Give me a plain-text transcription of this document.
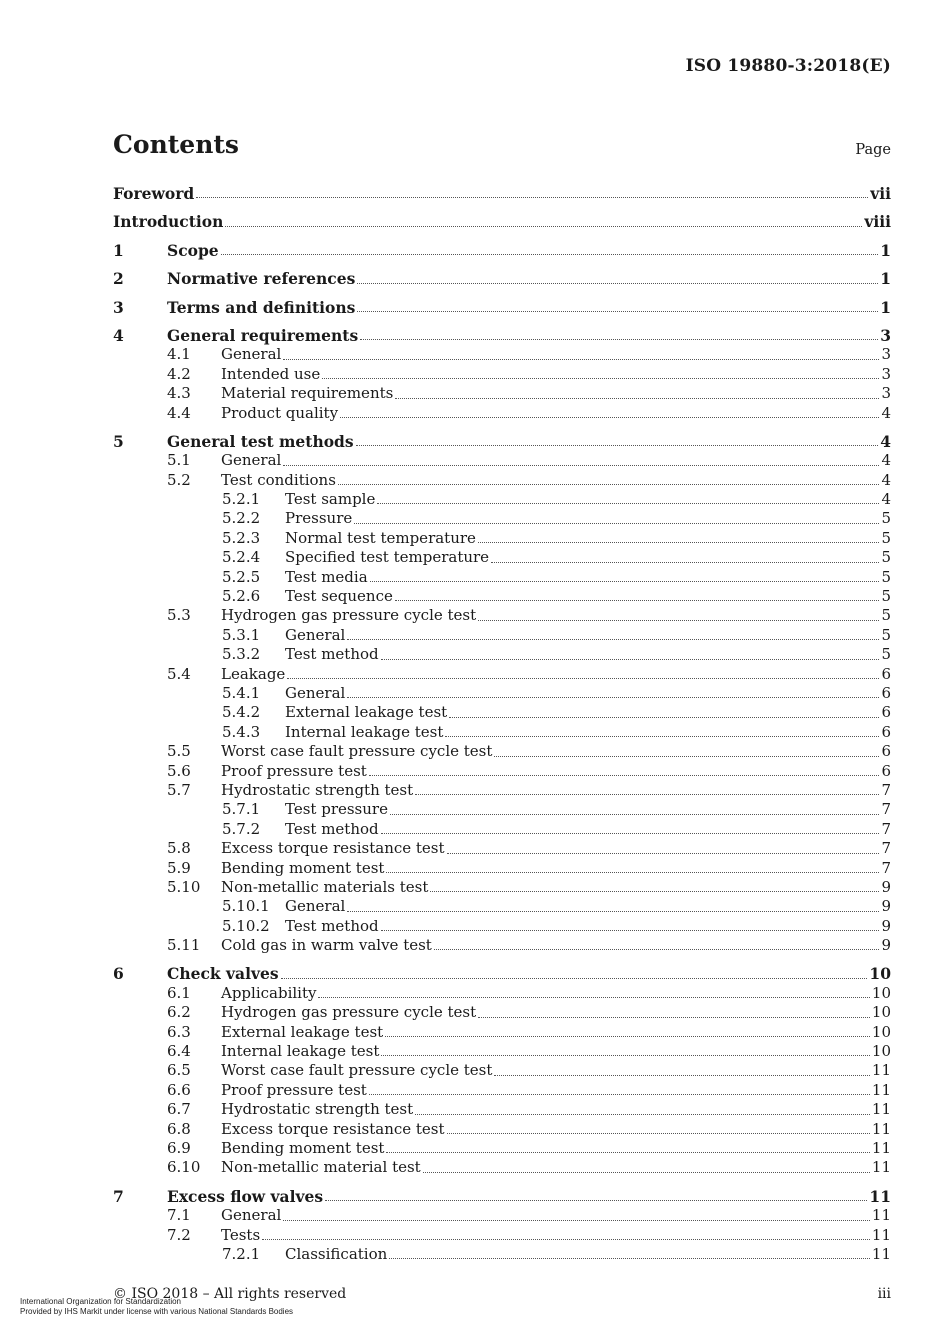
ISO 19880-3:2018(E)
Contents	Page
Foreword	vii
Introduction	viii
1	Scope	1
2	Normative references	1
3	Terms and definitions	1
4	General requirements	3
4.1	General	3
4.2	Intended use	3
4.3	Material requirements	3
4.4	Product quality	4
5	General test methods	4
5.1	General	4
5.2	Test conditions	4
5.2.1	Test sample	4
5.2.2	Pressure	5
5.2.3	Normal test temperature	5
5.2.4	Specified test temperature	5
5.2.5	Test media	5
5.2.6	Test sequence	5
5.3	Hydrogen gas pressure cycle test	5
5.3.1	General	5
5.3.2	Test method	5
5.4	Leakage	6
5.4.1	General	6
5.4.2	External leakage test	6
5.4.3	Internal leakage test	6
5.5	Worst case fault pressure cycle test	6
5.6	Proof pressure test	6
5.7	Hydrostatic strength test	7
5.7.1	Test pressure	7
5.7.2	Test method	7
5.8	Excess torque resistance test	7
5.9	Bending moment test	7
5.10	Non-metallic materials test	9
5.10.1	General	9
5.10.2	Test method	9
5.11	Cold gas in warm valve test	9
6	Check valves	10
6.1	Applicability	10
6.2	Hydrogen gas pressure cycle test	10
6.3	External leakage test	10
6.4	Internal leakage test	10
6.5	Worst case fault pressure cycle test	11
6.6	Proof pressure test	11
6.7	Hydrostatic strength test	11
6.8	Excess torque resistance test	11
6.9	Bending moment test	11
6.10	Non-metallic material test	11
7	Excess flow valves	11
7.1	General	11
7.2	Tests	11
7.2.1	Classification	11
© ISO 2018 – All rights reserved	iii
International Organization for Standardization
Provided by IHS Markit under license with various National Standards Bodies
